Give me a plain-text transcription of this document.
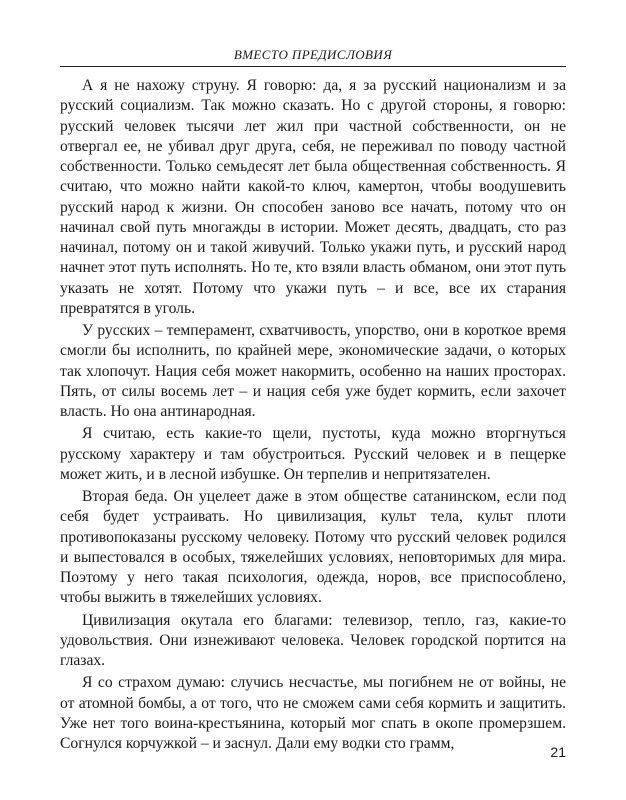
ВМЕСТО ПРЕДИСЛОВИЯ

А я не нахожу струну. Я говорю: да, я за русский национализм и за русский социализм. Так можно сказать. Но с другой стороны, я говорю: русский человек тысячи лет жил при частной собственности, он не отвергал ее, не убивал друг друга, себя, не переживал по поводу частной собственности. Только семьдесят лет была общественная собственность. Я считаю, что можно найти какой-то ключ, камертон, чтобы воодушевить русский народ к жизни. Он способен заново все начать, потому что он начинал свой путь многажды в истории. Может десять, двадцать, сто раз начинал, потому он и такой живучий. Только укажи путь, и русский народ начнет этот путь исполнять. Но те, кто взяли власть обманом, они этот путь указать не хотят. Потому что укажи путь – и все, все их старания превратятся в уголь.

У русских – темперамент, схватчивость, упорство, они в короткое время смогли бы исполнить, по крайней мере, экономические задачи, о которых так хлопочут. Нация себя может накормить, особенно на наших просторах. Пять, от силы восемь лет – и нация себя уже будет кормить, если захочет власть. Но она антинародная.

Я считаю, есть какие-то щели, пустоты, куда можно вторгнуться русскому характеру и там обустроиться. Русский человек и в пещерке может жить, и в лесной избушке. Он терпелив и непритязателен.

Вторая беда. Он уцелеет даже в этом обществе сатанинском, если под себя будет устраивать. Но цивилизация, культ тела, культ плоти противопоказаны русскому человеку. Потому что русский человек родился и выпестовался в особых, тяжелейших условиях, неповторимых для мира. Поэтому у него такая психология, одежда, норов, все приспособлено, чтобы выжить в тяжелейших условиях.

Цивилизация окутала его благами: телевизор, тепло, газ, какие-то удовольствия. Они изнеживают человека. Человек городской портится на глазах.

Я со страхом думаю: случись несчастье, мы погибнем не от войны, не от атомной бомбы, а от того, что не сможем сами себя кормить и защитить. Уже нет того воина-крестьянина, который мог спать в окопе промерзшем. Согнулся корчужкой – и заснул. Дали ему водки сто грамм,	21
